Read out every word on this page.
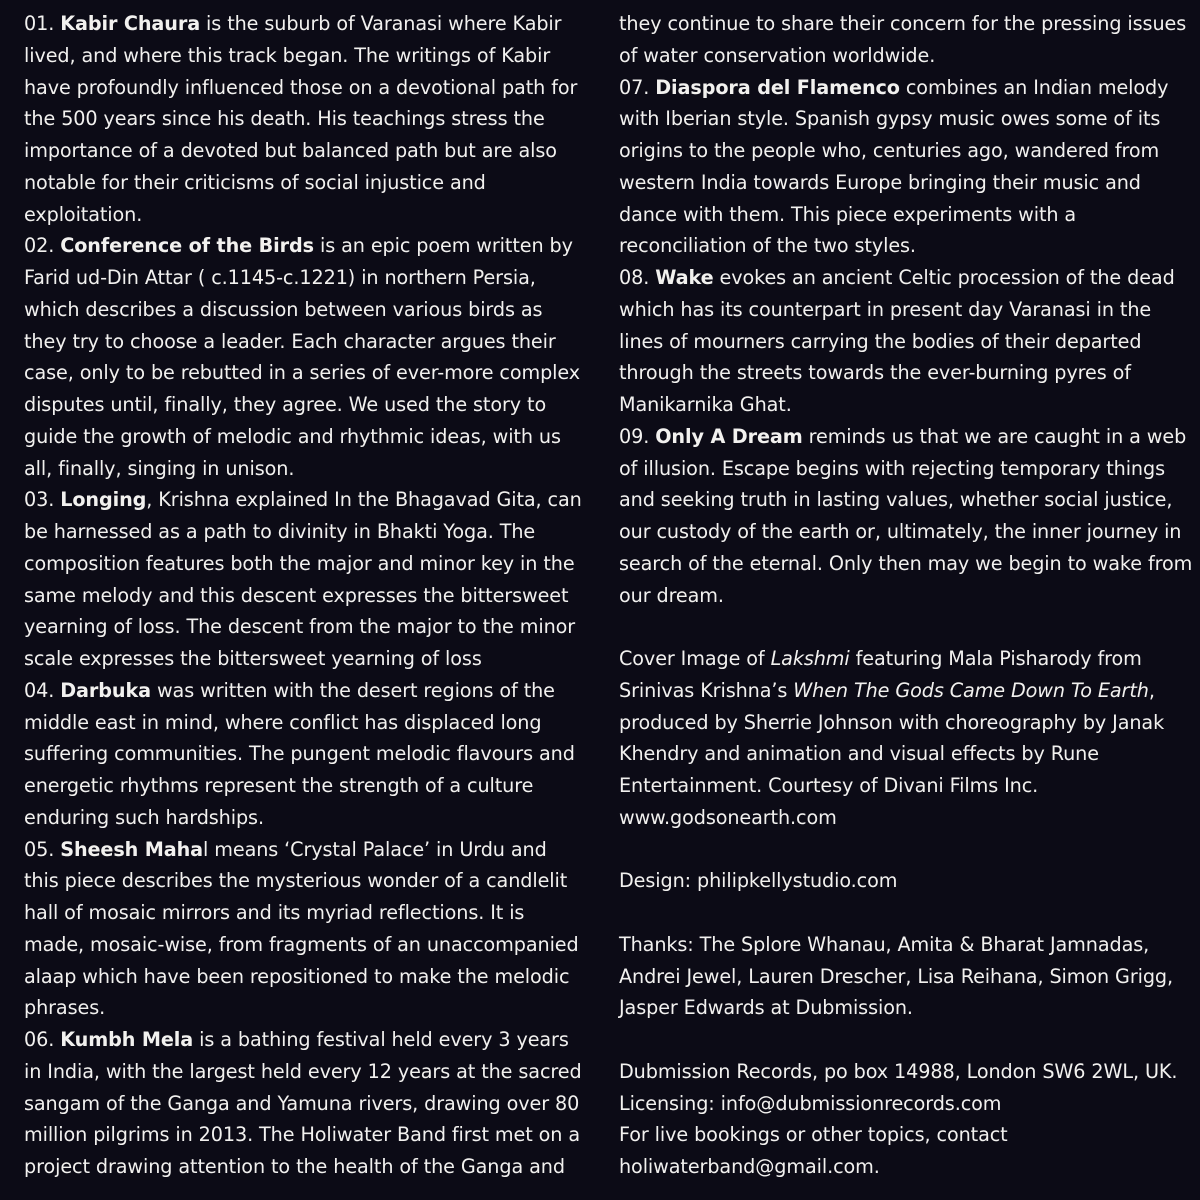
01. Kabir Chaura is the suburb of Varanasi where Kabir lived, and where this track began. The writings of Kabir have profoundly influenced those on a devotional path for the 500 years since his death. His teachings stress the importance of a devoted but balanced path but are also notable for their criticisms of social injustice and exploitation.

02. Conference of the Birds is an epic poem written by Farid ud-Din Attar ( c.1145-c.1221) in northern Persia, which describes a discussion between various birds as they try to choose a leader. Each character argues their case, only to be rebutted in a series of ever-more complex disputes until, finally, they agree. We used the story to guide the growth of melodic and rhythmic ideas, with us all, finally, singing in unison.

03. Longing, Krishna explained In the Bhagavad Gita, can be harnessed as a path to divinity in Bhakti Yoga. The composition features both the major and minor key in the same melody and this descent expresses the bittersweet yearning of loss. The descent from the major to the minor scale expresses the bittersweet yearning of loss

04. Darbuka was written with the desert regions of the middle east in mind, where conflict has displaced long suffering communities. The pungent melodic flavours and energetic rhythms represent the strength of a culture enduring such hardships.

05. Sheesh Mahal means ‘Crystal Palace’ in Urdu and this piece describes the mysterious wonder of a candlelit hall of mosaic mirrors and its myriad reflections. It is made, mosaic-wise, from fragments of an unaccompanied alaap which have been repositioned to make the melodic phrases.

06. Kumbh Mela is a bathing festival held every 3 years in India, with the largest held every 12 years at the sacred sangam of the Ganga and Yamuna rivers, drawing over 80 million pilgrims in 2013. The Holiwater Band first met on a project drawing attention to the health of the Ganga and

they continue to share their concern for the pressing issues of water conservation worldwide.

07. Diaspora del Flamenco combines an Indian melody with Iberian style. Spanish gypsy music owes some of its origins to the people who, centuries ago, wandered from western India towards Europe bringing their music and dance with them. This piece experiments with a reconciliation of the two styles.

08. Wake evokes an ancient Celtic procession of the dead which has its counterpart in present day Varanasi in the lines of mourners carrying the bodies of their departed through the streets towards the ever-burning pyres of Manikarnika Ghat.

09. Only A Dream reminds us that we are caught in a web of illusion. Escape begins with rejecting temporary things and seeking truth in lasting values, whether social justice, our custody of the earth or, ultimately, the inner journey in search of the eternal. Only then may we begin to wake from our dream.

Cover Image of Lakshmi featuring Mala Pisharody from Srinivas Krishna’s When The Gods Came Down To Earth, produced by Sherrie Johnson with choreography by Janak Khendry and animation and visual effects by Rune Entertainment. Courtesy of Divani Films Inc.

www.godsonearth.com

Design: philipkellystudio.com

Thanks: The Splore Whanau, Amita & Bharat Jamnadas, Andrei Jewel, Lauren Drescher, Lisa Reihana, Simon Grigg, Jasper Edwards at Dubmission.

Dubmission Records, po box 14988, London SW6 2WL, UK.

Licensing: info@dubmissionrecords.com

For live bookings or other topics, contact

holiwaterband@gmail.com.
